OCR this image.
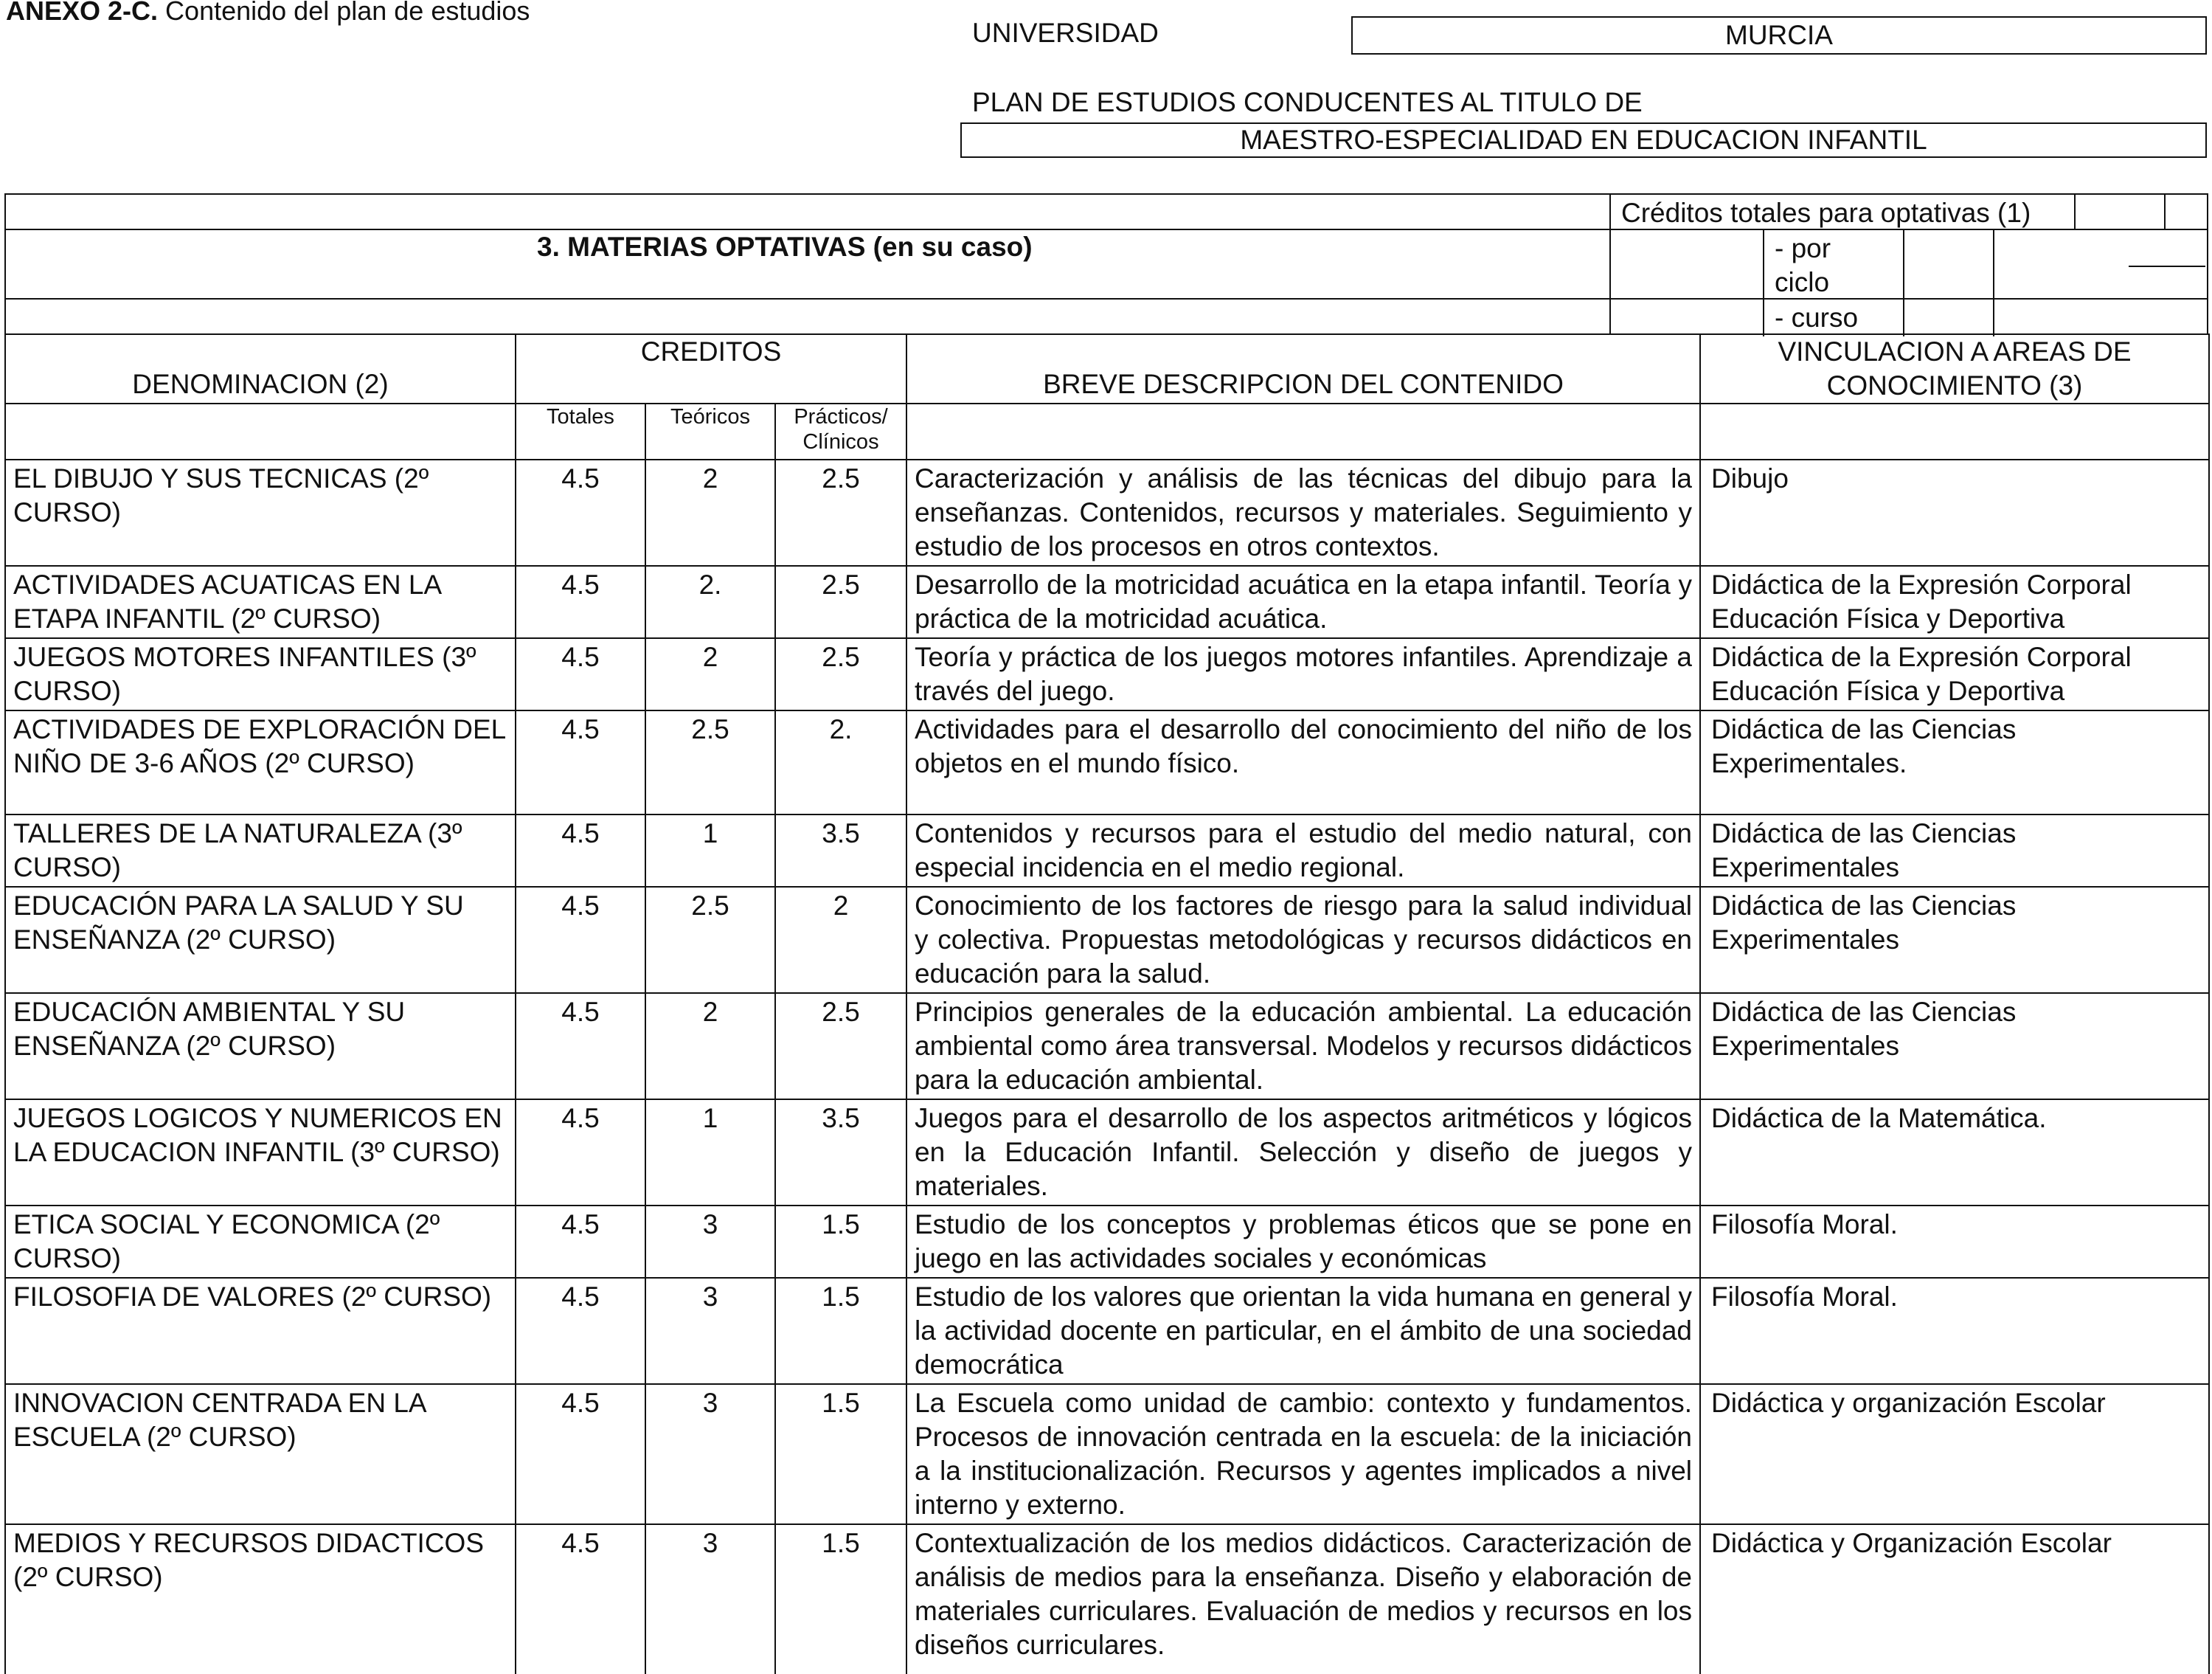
ANEXO 2-C. Contenido del plan de estudios
UNIVERSIDAD	MURCIA
PLAN DE ESTUDIOS CONDUCENTES AL TITULO DE
MAESTRO-ESPECIALIDAD EN EDUCACION INFANTIL
Créditos totales para optativas (1)
3. MATERIAS OPTATIVAS (en su caso)	- por ciclo
- curso
DENOMINACION (2)	CREDITOS			BREVE DESCRIPCION DEL CONTENIDO	VINCULACION A AREAS DE CONOCIMIENTO (3)
	Totales	Teóricos	Prácticos/ Clínicos		
EL DIBUJO Y SUS TECNICAS (2º CURSO)	4.5	2	2.5	Caracterización y análisis de las técnicas del dibujo para la enseñanzas. Contenidos, recursos y materiales. Seguimiento y estudio de los procesos en otros contextos.	Dibujo
ACTIVIDADES ACUATICAS EN LA ETAPA INFANTIL (2º CURSO)	4.5	2.	2.5	Desarrollo de la motricidad acuática en la etapa infantil. Teoría y práctica de la motricidad acuática.	Didáctica de la Expresión Corporal Educación Física y Deportiva
JUEGOS MOTORES INFANTILES (3º CURSO)	4.5	2	2.5	Teoría y práctica de los juegos motores infantiles. Aprendizaje a través del juego.	Didáctica de la Expresión Corporal Educación Física y Deportiva
ACTIVIDADES DE EXPLORACIÓN DEL NIÑO DE 3-6 AÑOS (2º CURSO)	4.5	2.5	2.	Actividades para el desarrollo del conocimiento del niño de los objetos en el mundo físico.	Didáctica de las Ciencias Experimentales.
TALLERES DE LA NATURALEZA (3º CURSO)	4.5	1	3.5	Contenidos y recursos para el estudio del medio natural, con especial incidencia en el medio regional.	Didáctica de las Ciencias Experimentales
EDUCACIÓN PARA LA SALUD Y SU ENSEÑANZA (2º CURSO)	4.5	2.5	2	Conocimiento de los factores de riesgo para la salud individual y colectiva. Propuestas metodológicas y recursos didácticos en educación para la salud.	Didáctica de las Ciencias Experimentales
EDUCACIÓN AMBIENTAL Y SU ENSEÑANZA (2º CURSO)	4.5	2	2.5	Principios generales de la educación ambiental. La educación ambiental como área transversal. Modelos y recursos didácticos para la educación ambiental.	Didáctica de las Ciencias Experimentales
JUEGOS LOGICOS Y NUMERICOS EN LA EDUCACION INFANTIL (3º CURSO)	4.5	1	3.5	Juegos para el desarrollo de los aspectos aritméticos y lógicos en la Educación Infantil. Selección y diseño de juegos y materiales.	Didáctica de la Matemática.
ETICA SOCIAL Y ECONOMICA (2º CURSO)	4.5	3	1.5	Estudio de los conceptos y problemas éticos que se pone en juego en las actividades sociales y económicas	Filosofía Moral.
FILOSOFIA DE VALORES (2º CURSO)	4.5	3	1.5	Estudio de los valores que orientan la vida humana en general y la actividad docente en particular, en el ámbito de una sociedad democrática	Filosofía Moral.
INNOVACION CENTRADA EN LA ESCUELA (2º CURSO)	4.5	3	1.5	La Escuela como unidad de cambio: contexto y fundamentos. Procesos de innovación centrada en la escuela: de la iniciación a la institucionalización. Recursos y agentes implicados a nivel interno y externo.	Didáctica y organización Escolar
MEDIOS Y RECURSOS DIDACTICOS (2º CURSO)	4.5	3	1.5	Contextualización de los medios didácticos. Caracterización de análisis de medios para la enseñanza. Diseño y elaboración de materiales curriculares. Evaluación de medios y recursos en los diseños curriculares.	Didáctica y Organización Escolar
